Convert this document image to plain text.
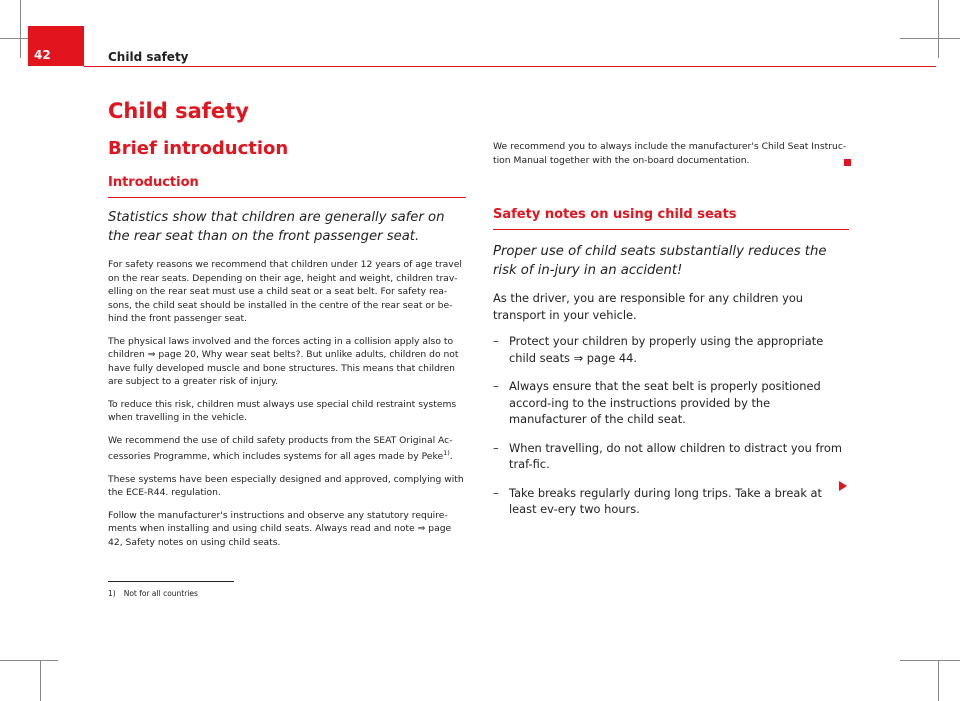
42	Child safety
Child safety
Brief introduction
Introduction

Statistics show that children are generally safer on the rear seat than on the front passenger seat.

For safety reasons we recommend that children under 12 years of age travel on the rear seats. Depending on their age, height and weight, children trav-elling on the rear seat must use a child seat or a seat belt. For safety rea-sons, the child seat should be installed in the centre of the rear seat or be-hind the front passenger seat.

The physical laws involved and the forces acting in a collision apply also to children ⇒ page 20, Why wear seat belts?. But unlike adults, children do not have fully developed muscle and bone structures. This means that children are subject to a greater risk of injury.

To reduce this risk, children must always use special child restraint systems when travelling in the vehicle.

We recommend the use of child safety products from the SEAT Original Ac-cessories Programme, which includes systems for all ages made by Peke$^{1)}$.

These systems have been especially designed and approved, complying with the ECE-R44. regulation.

Follow the manufacturer's instructions and observe any statutory require-ments when installing and using child seats. Always read and note ⇒ page 42, Safety notes on using child seats.

We recommend you to always include the manufacturer's Child Seat Instruc-tion Manual together with the on-board documentation.
Safety notes on using child seats

Proper use of child seats substantially reduces the risk of in-jury in an accident!

As the driver, you are responsible for any children you transport in your vehicle.

– Protect your children by properly using the appropriate child seats ⇒ page 44.
– Always ensure that the seat belt is properly positioned accord-ing to the instructions provided by the manufacturer of the child seat.
– When travelling, do not allow children to distract you from traf-fic.
– Take breaks regularly during long trips. Take a break at least ev-ery two hours.
1) Not for all countries
